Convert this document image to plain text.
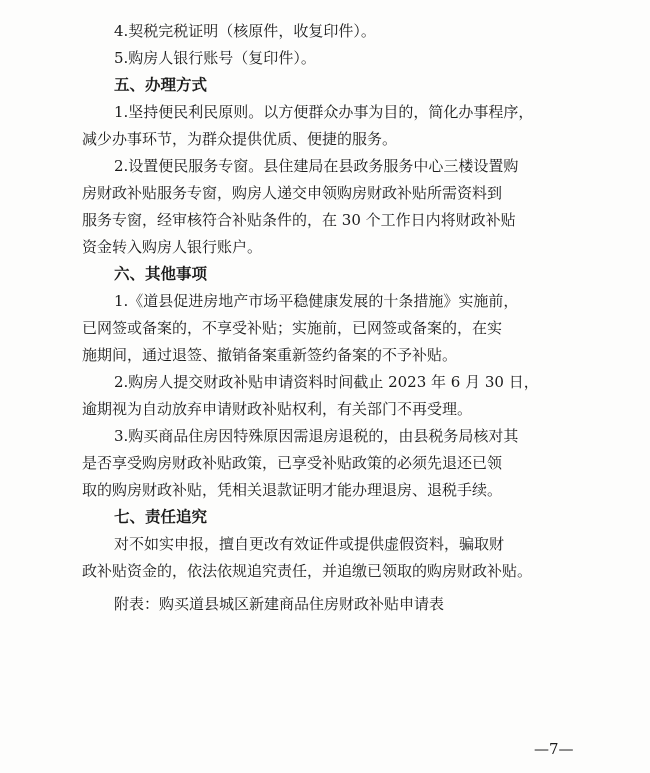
4.契税完税证明（核原件，收复印件）。
5.购房人银行账号（复印件）。
五、办理方式
1.坚持便民利民原则。以方便群众办事为目的，简化办事程序，
减少办事环节，为群众提供优质、便捷的服务。
2.设置便民服务专窗。县住建局在县政务服务中心三楼设置购
房财政补贴服务专窗，购房人递交申领购房财政补贴所需资料到
服务专窗，经审核符合补贴条件的，在 30 个工作日内将财政补贴
资金转入购房人银行账户。
六、其他事项
1.《道县促进房地产市场平稳健康发展的十条措施》实施前，
已网签或备案的，不享受补贴；实施前，已网签或备案的，在实
施期间，通过退签、撤销备案重新签约备案的不予补贴。
2.购房人提交财政补贴申请资料时间截止 2023 年 6 月 30 日，
逾期视为自动放弃申请财政补贴权利，有关部门不再受理。
3.购买商品住房因特殊原因需退房退税的，由县税务局核对其
是否享受购房财政补贴政策，已享受补贴政策的必须先退还已领
取的购房财政补贴，凭相关退款证明才能办理退房、退税手续。
七、责任追究
对不如实申报，擅自更改有效证件或提供虚假资料，骗取财
政补贴资金的，依法依规追究责任，并追缴已领取的购房财政补贴。
附表：购买道县城区新建商品住房财政补贴申请表
—7—
